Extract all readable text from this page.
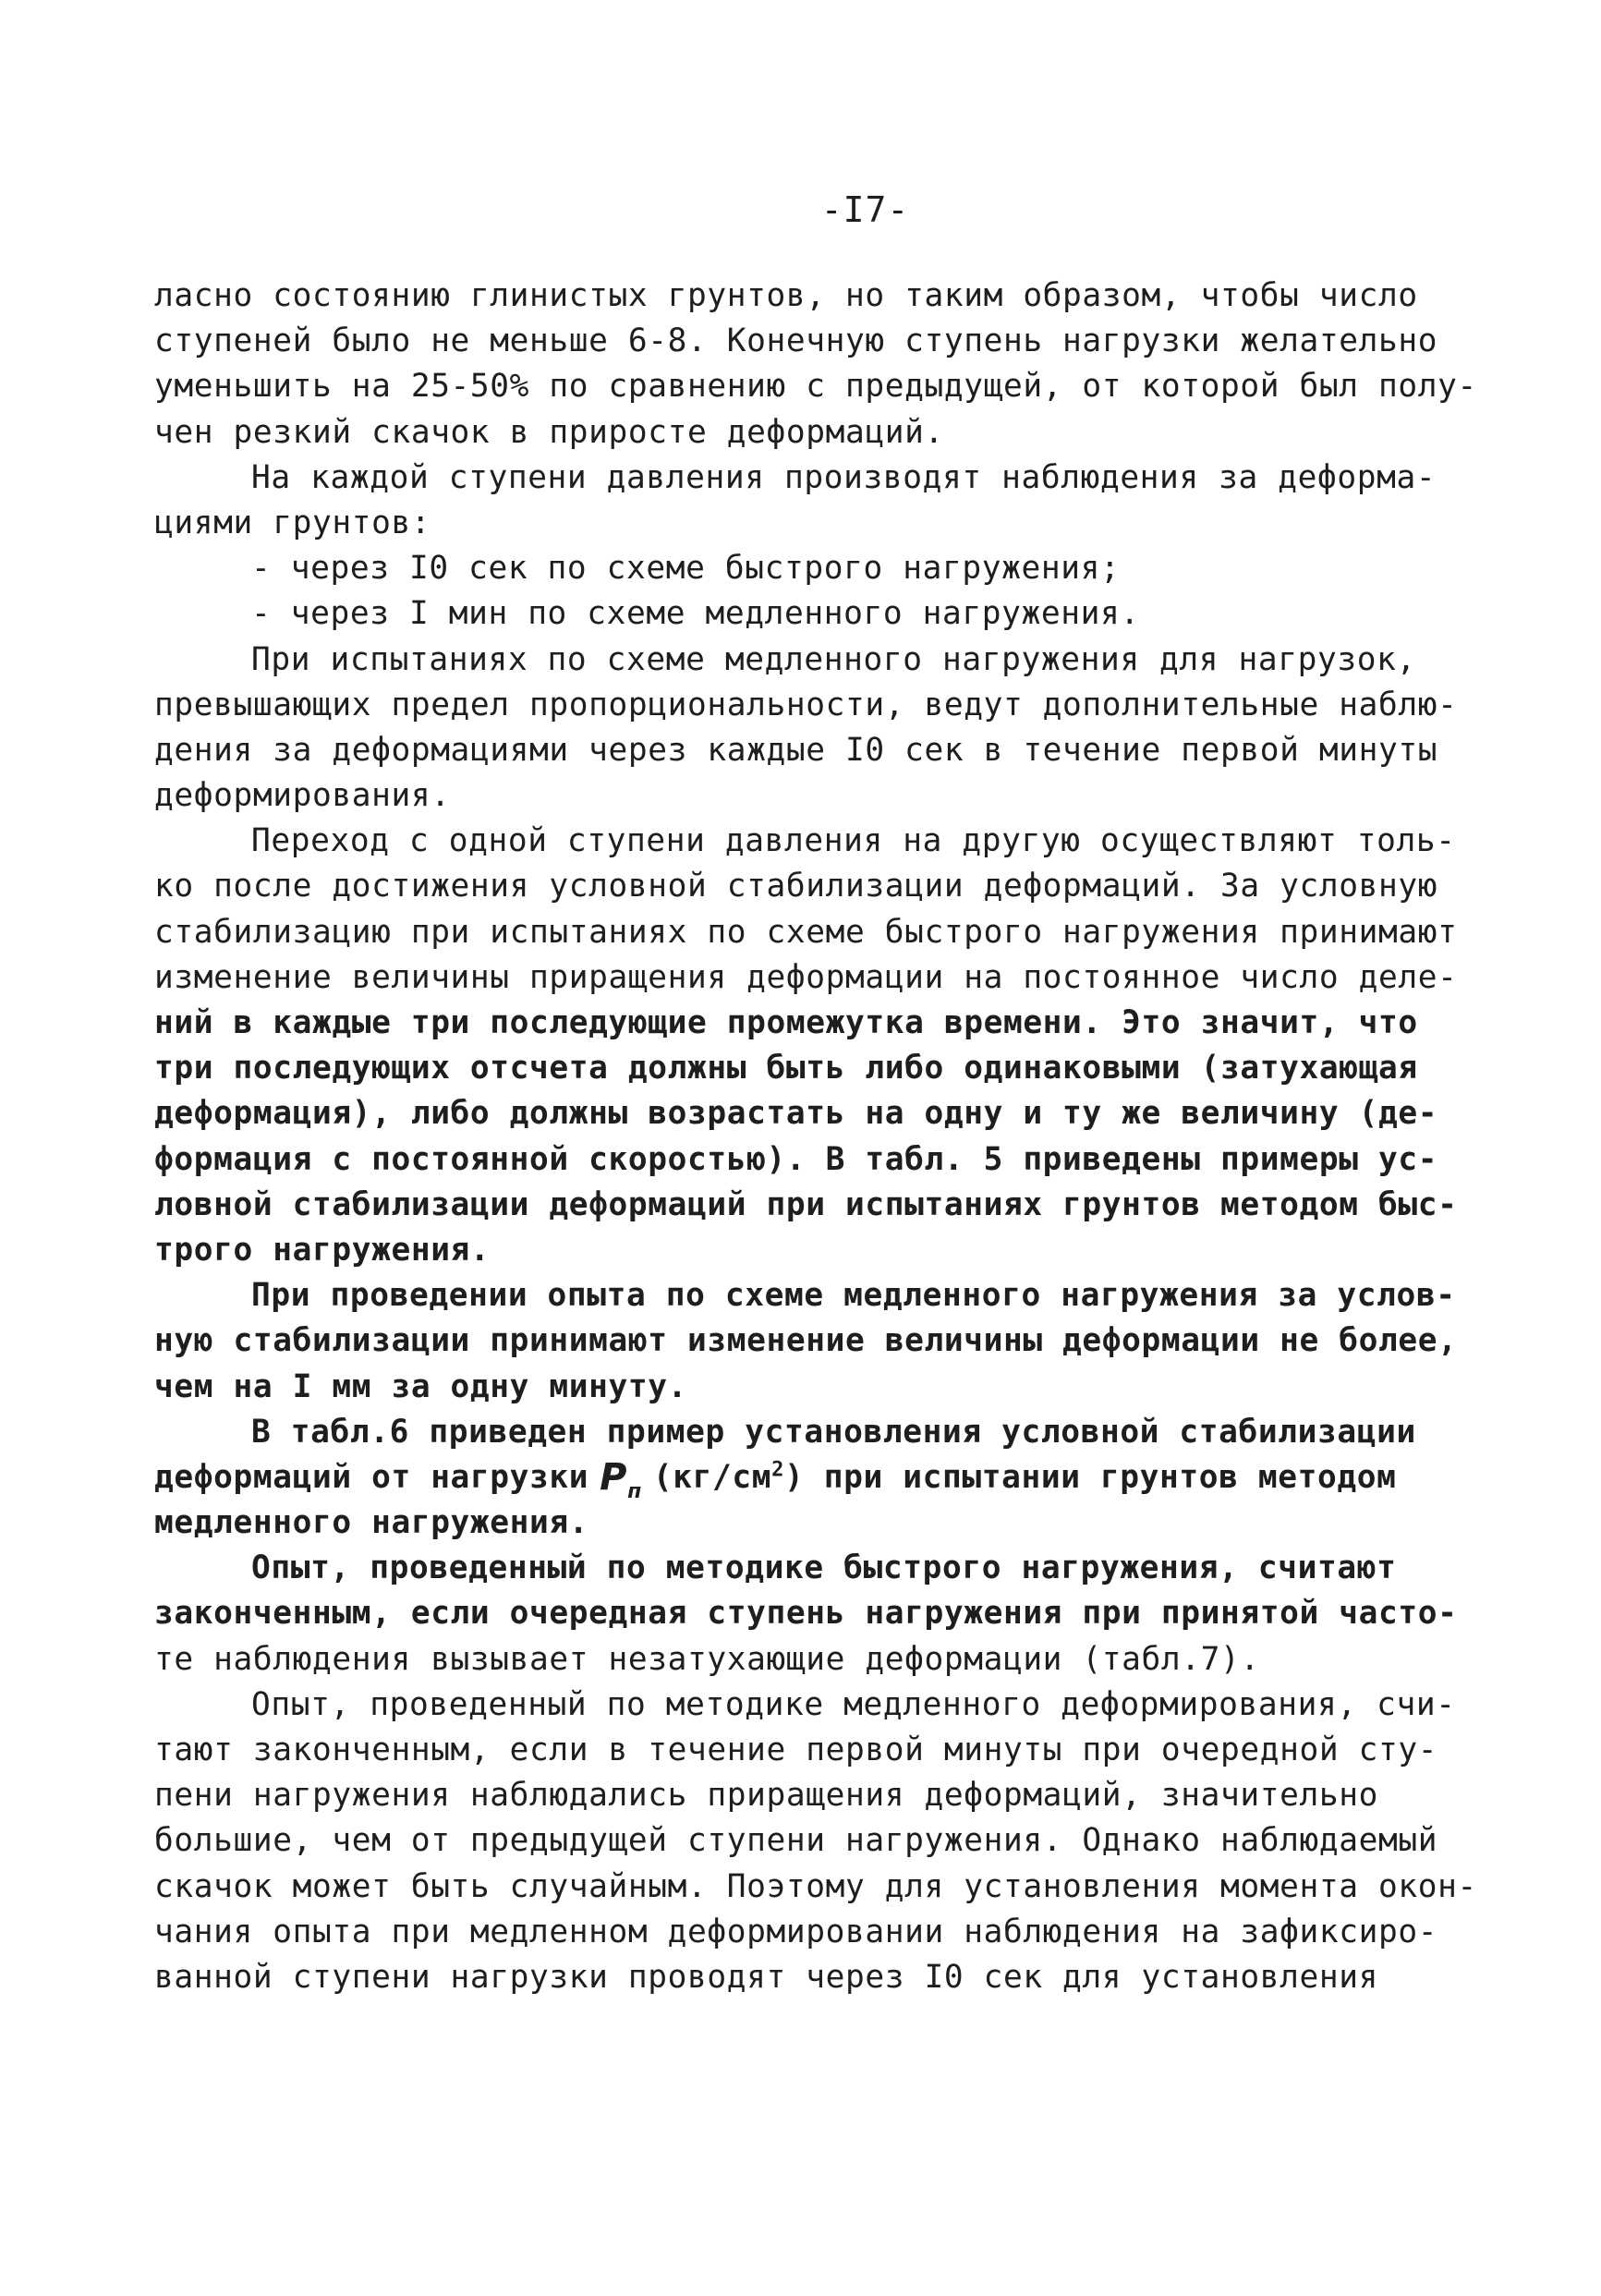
-I7-
ласно состоянию глинистых грунтов, но таким образом, чтобы число
ступеней было не меньше 6-8. Конечную ступень нагрузки желательно
уменьшить на 25-50% по сравнению с предыдущей, от которой был полу-
чен резкий скачок в приросте деформаций.
На каждой ступени давления производят наблюдения за деформа-
циями грунтов:
- через I0 сек по схеме быстрого нагружения;
- через I мин по схеме медленного нагружения.
При испытаниях по схеме медленного нагружения для нагрузок,
превышающих предел пропорциональности, ведут дополнительные наблю-
дения за деформациями через каждые I0 сек в течение первой минуты
деформирования.
Переход с одной ступени давления на другую осуществляют толь-
ко после достижения условной стабилизации деформаций. За условную
стабилизацию при испытаниях по схеме быстрого нагружения принимают
изменение величины приращения деформации на постоянное число деле-
ний в каждые три последующие промежутка времени. Это значит, что
три последующих отсчета должны быть либо одинаковыми (затухающая
деформация), либо должны возрастать на одну и ту же величину (де-
формация с постоянной скоростью). В табл. 5 приведены примеры ус-
ловной стабилизации деформаций при испытаниях грунтов методом быс-
трого нагружения.
При проведении опыта по схеме медленного нагружения за услов-
ную стабилизации принимают изменение величины деформации не более,
чем на I мм за одну минуту.
В табл.6 приведен пример установления условной стабилизации
деформаций от нагрузки $P_п$ $(кг/см^2)$ при испытании грунтов методом
медленного нагружения.
Опыт, проведенный по методике быстрого нагружения, считают
законченным, если очередная ступень нагружения при принятой часто-
те наблюдения вызывает незатухающие деформации (табл.7).
Опыт, проведенный по методике медленного деформирования, счи-
тают законченным, если в течение первой минуты при очередной сту-
пени нагружения наблюдались приращения деформаций, значительно
большие, чем от предыдущей ступени нагружения. Однако наблюдаемый
скачок может быть случайным. Поэтому для установления момента окон-
чания опыта при медленном деформировании наблюдения на зафиксиро-
ванной ступени нагрузки проводят через I0 сек для установления
